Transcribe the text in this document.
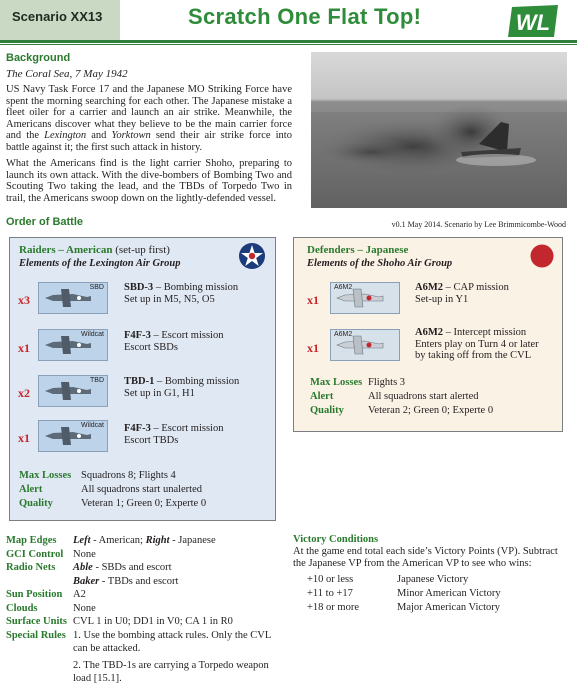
Scenario XX13	Scratch One Flat Top!	WL
Background
The Coral Sea, 7 May 1942
US Navy Task Force 17 and the Japanese MO Striking Force have spent the morning searching for each other. The Japanese mistake a fleet oiler for a carrier and launch an air strike. Meanwhile, the Americans discover what they believe to be the main carrier force and the Lexington and Yorktown send their air strike force into battle against it; the first such attack in history.
What the Americans find is the light carrier Shoho, preparing to launch its own attack. With the dive-bombers of Bombing Two and Scouting Two taking the lead, and the TBDs of Torpedo Two in trail, the Americans swoop down on the lightly-defended vessel.
v0.1 May 2014. Scenario by Lee Brimmicombe-Wood
Order of Battle
Raiders – American (set-up first)
Elements of the Lexington Air Group
x3
SBD SBD-3 – Bombing mission
Set up in M5, N5, O5
x1
Wildcat F4F-3 – Escort mission
Escort SBDs
x2
TBD TBD-1 – Bombing mission
Set up in G1, H1
x1
Wildcat F4F-3 – Escort mission
Escort TBDs
Max Losses Squadrons 8; Flights 4
Alert	All squadrons start unalerted
Quality	Veteran 1; Green 0; Experte 0
Defenders – Japanese
Elements of the Shoho Air Group
x1
A6M2	A6M2 – CAP mission
Set-up in Y1
x1
A6M2	A6M2 – Intercept mission
Enters play on Turn 4 or later
by taking off from the CVL
Max Losses Flights 3
Alert	All squadrons start alerted
Quality	Veteran 2; Green 0; Experte 0
Map Edges	Left - American; Right - Japanese
GCI Control None
Radio Nets	Able - SBDs and escort
Baker - TBDs and escort
Sun Position	A2
Clouds	None
Surface Units CVL 1 in U0; DD1 in V0; CA 1 in R0
Special Rules 1. Use the bombing attack rules. Only the CVL
can be attacked.
2. The TBD-1s are carrying a Torpedo weapon
load [15.1].
Victory Conditions
At the game end total each side’s Victory Points (VP). Subtract the Japanese VP from the American VP to see who wins:
+10 or less	Japanese Victory
+11 to +17	Minor American Victory
+18 or more	Major American Victory
